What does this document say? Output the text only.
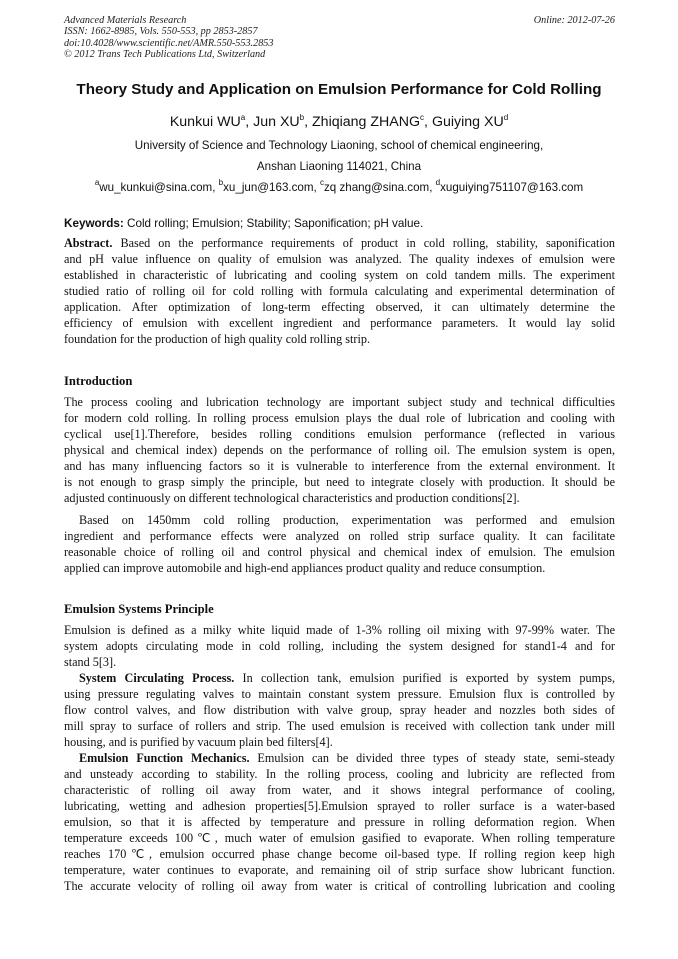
Advanced Materials Research
ISSN: 1662-8985, Vols. 550-553, pp 2853-2857
doi:10.4028/www.scientific.net/AMR.550-553.2853
© 2012 Trans Tech Publications Ltd, Switzerland
Online: 2012-07-26
Theory Study and Application on Emulsion Performance for Cold Rolling
Kunkui $WU^a$, Jun $XU^b$, Zhiqiang ZHANG$^c$, Guiying $XU^d$
University of Science and Technology Liaoning, school of chemical engineering,
Anshan Liaoning 114021, China
$^a$wu_kunkui@sina.com, $^b$xu_jun@163.com, $^c$zq zhang@sina.com, $^d$xuguiying751107@163.com
Keywords: Cold rolling; Emulsion; Stability; Saponification; pH value.
Abstract. Based on the performance requirements of product in cold rolling, stability, saponification
and pH value influence on quality of emulsion was analyzed. The quality indexes of emulsion were
established in characteristic of lubricating and cooling system on cold tandem mills. The experiment
studied ratio of rolling oil for cold rolling with formula calculating and experimental determination of
application. After optimization of long-term effecting observed, it can ultimately determine the
efficiency of emulsion with excellent ingredient and performance parameters. It would lay solid
foundation for the production of high quality cold rolling strip.
Introduction
The process cooling and lubrication technology are important subject study and technical difficulties
for modern cold rolling. In rolling process emulsion plays the dual role of lubrication and cooling with
cyclical use[1].Therefore, besides rolling conditions emulsion performance (reflected in various
physical and chemical index) depends on the performance of rolling oil. The emulsion system is open,
and has many influencing factors so it is vulnerable to interference from the external environment. It
is not enough to grasp simply the principle, but need to integrate closely with production. It should be
adjusted continuously on different technological characteristics and production conditions[2].
Based on 1450mm cold rolling production, experimentation was performed and emulsion
ingredient and performance effects were analyzed on rolled strip surface quality. It can facilitate
reasonable choice of rolling oil and control physical and chemical index of emulsion. The emulsion
applied can improve automobile and high-end appliances product quality and reduce consumption.
Emulsion Systems Principle
Emulsion is defined as a milky white liquid made of 1-3% rolling oil mixing with 97-99% water. The
system adopts circulating mode in cold rolling, including the system designed for stand1-4 and for
stand 5[3].
System Circulating Process. In collection tank, emulsion purified is exported by system pumps,
using pressure regulating valves to maintain constant system pressure. Emulsion flux is controlled by
flow control valves, and flow distribution with valve group, spray header and nozzles both sides of
mill spray to surface of rollers and strip. The used emulsion is received with collection tank under mill
housing, and is purified by vacuum plain bed filters[4].
Emulsion Function Mechanics. Emulsion can be divided three types of steady state, semi-steady
and unsteady according to stability. In the rolling process, cooling and lubricity are reflected from
characteristic of rolling oil away from water, and it shows integral performance of cooling,
lubricating, wetting and adhesion properties[5].Emulsion sprayed to roller surface is a water-based
emulsion, so that it is affected by temperature and pressure in rolling deformation region. When
temperature exceeds 100℃, much water of emulsion gasified to evaporate. When rolling temperature
reaches 170℃, emulsion occurred phase change become oil-based type. If rolling region keep high
temperature, water continues to evaporate, and remaining oil of strip surface show lubricant function.
The accurate velocity of rolling oil away from water is critical of controlling lubrication and cooling
